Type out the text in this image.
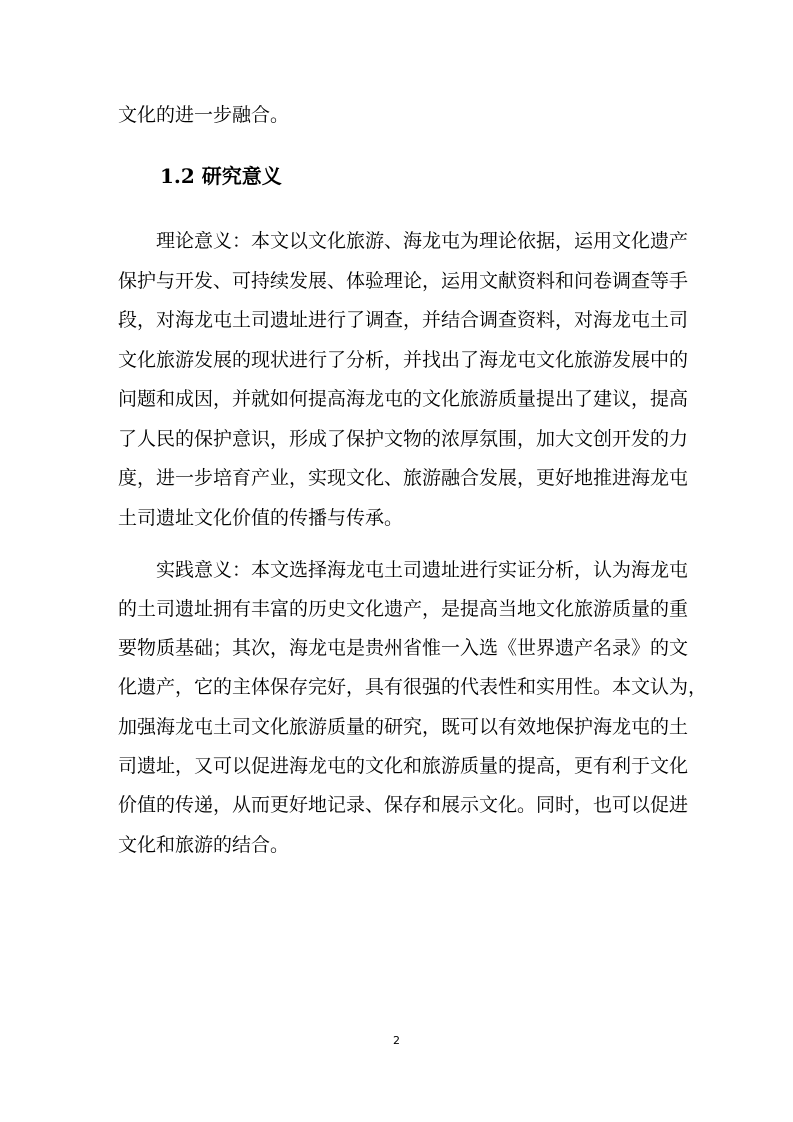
文化的进一步融合。
1.2 研究意义
理论意义：本文以文化旅游、海龙屯为理论依据，运用文化遗产
保护与开发、可持续发展、体验理论，运用文献资料和问卷调查等手
段，对海龙屯土司遗址进行了调查，并结合调查资料，对海龙屯土司
文化旅游发展的现状进行了分析，并找出了海龙屯文化旅游发展中的
问题和成因，并就如何提高海龙屯的文化旅游质量提出了建议，提高
了人民的保护意识，形成了保护文物的浓厚氛围，加大文创开发的力
度，进一步培育产业，实现文化、旅游融合发展，更好地推进海龙屯
土司遗址文化价值的传播与传承。
实践意义：本文选择海龙屯土司遗址进行实证分析，认为海龙屯
的土司遗址拥有丰富的历史文化遗产，是提高当地文化旅游质量的重
要物质基础；其次，海龙屯是贵州省惟一入选《世界遗产名录》的文
化遗产，它的主体保存完好，具有很强的代表性和实用性。本文认为，
加强海龙屯土司文化旅游质量的研究，既可以有效地保护海龙屯的土
司遗址，又可以促进海龙屯的文化和旅游质量的提高，更有利于文化
价值的传递，从而更好地记录、保存和展示文化。同时，也可以促进
文化和旅游的结合。
2
